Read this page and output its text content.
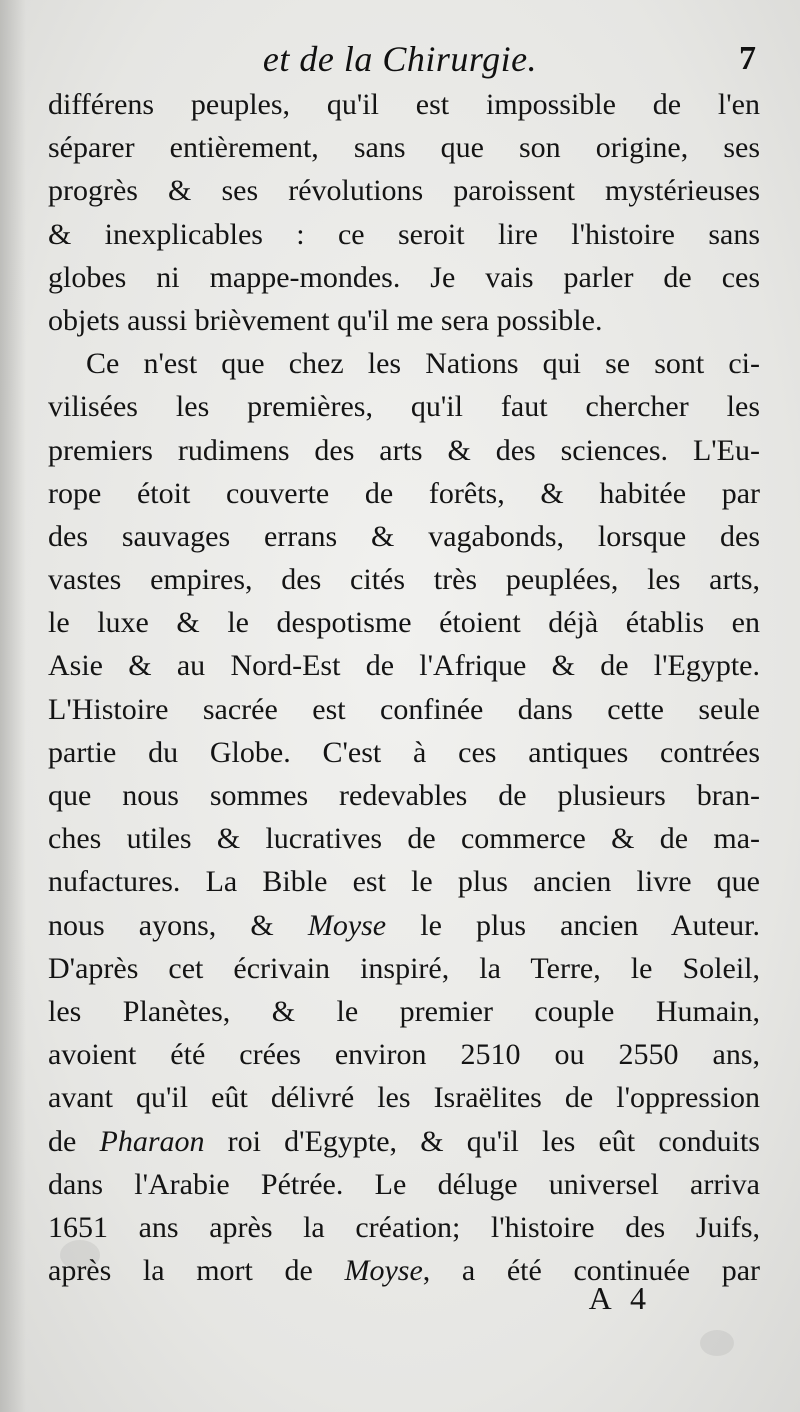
et de la Chirurgie.	7
différens peuples, qu'il est impossible de l'en
séparer entièrement, sans que son origine, ses
progrès & ses révolutions paroissent mystérieuses
& inexplicables : ce seroit lire l'histoire sans
globes ni mappe-mondes. Je vais parler de ces
objets aussi brièvement qu'il me sera possible.
Ce n'est que chez les Nations qui se sont ci-
vilisées les premières, qu'il faut chercher les
premiers rudimens des arts & des sciences. L'Eu-
rope étoit couverte de forêts, & habitée par
des sauvages errans & vagabonds, lorsque des
vastes empires, des cités très peuplées, les arts,
le luxe & le despotisme étoient déjà établis en
Asie & au Nord-Est de l'Afrique & de l'Egypte.
L'Histoire sacrée est confinée dans cette seule
partie du Globe. C'est à ces antiques contrées
que nous sommes redevables de plusieurs bran-
ches utiles & lucratives de commerce & de ma-
nufactures. La Bible est le plus ancien livre que
nous ayons, & Moyse le plus ancien Auteur.
D'après cet écrivain inspiré, la Terre, le Soleil,
les Planètes, & le premier couple Humain,
avoient été crées environ 2510 ou 2550 ans,
avant qu'il eût délivré les Israëlites de l'oppression
de Pharaon roi d'Egypte, & qu'il les eût conduits
dans l'Arabie Pétrée. Le déluge universel arriva
1651 ans après la création; l'histoire des Juifs,
après la mort de Moyse, a été continuée par
A 4
